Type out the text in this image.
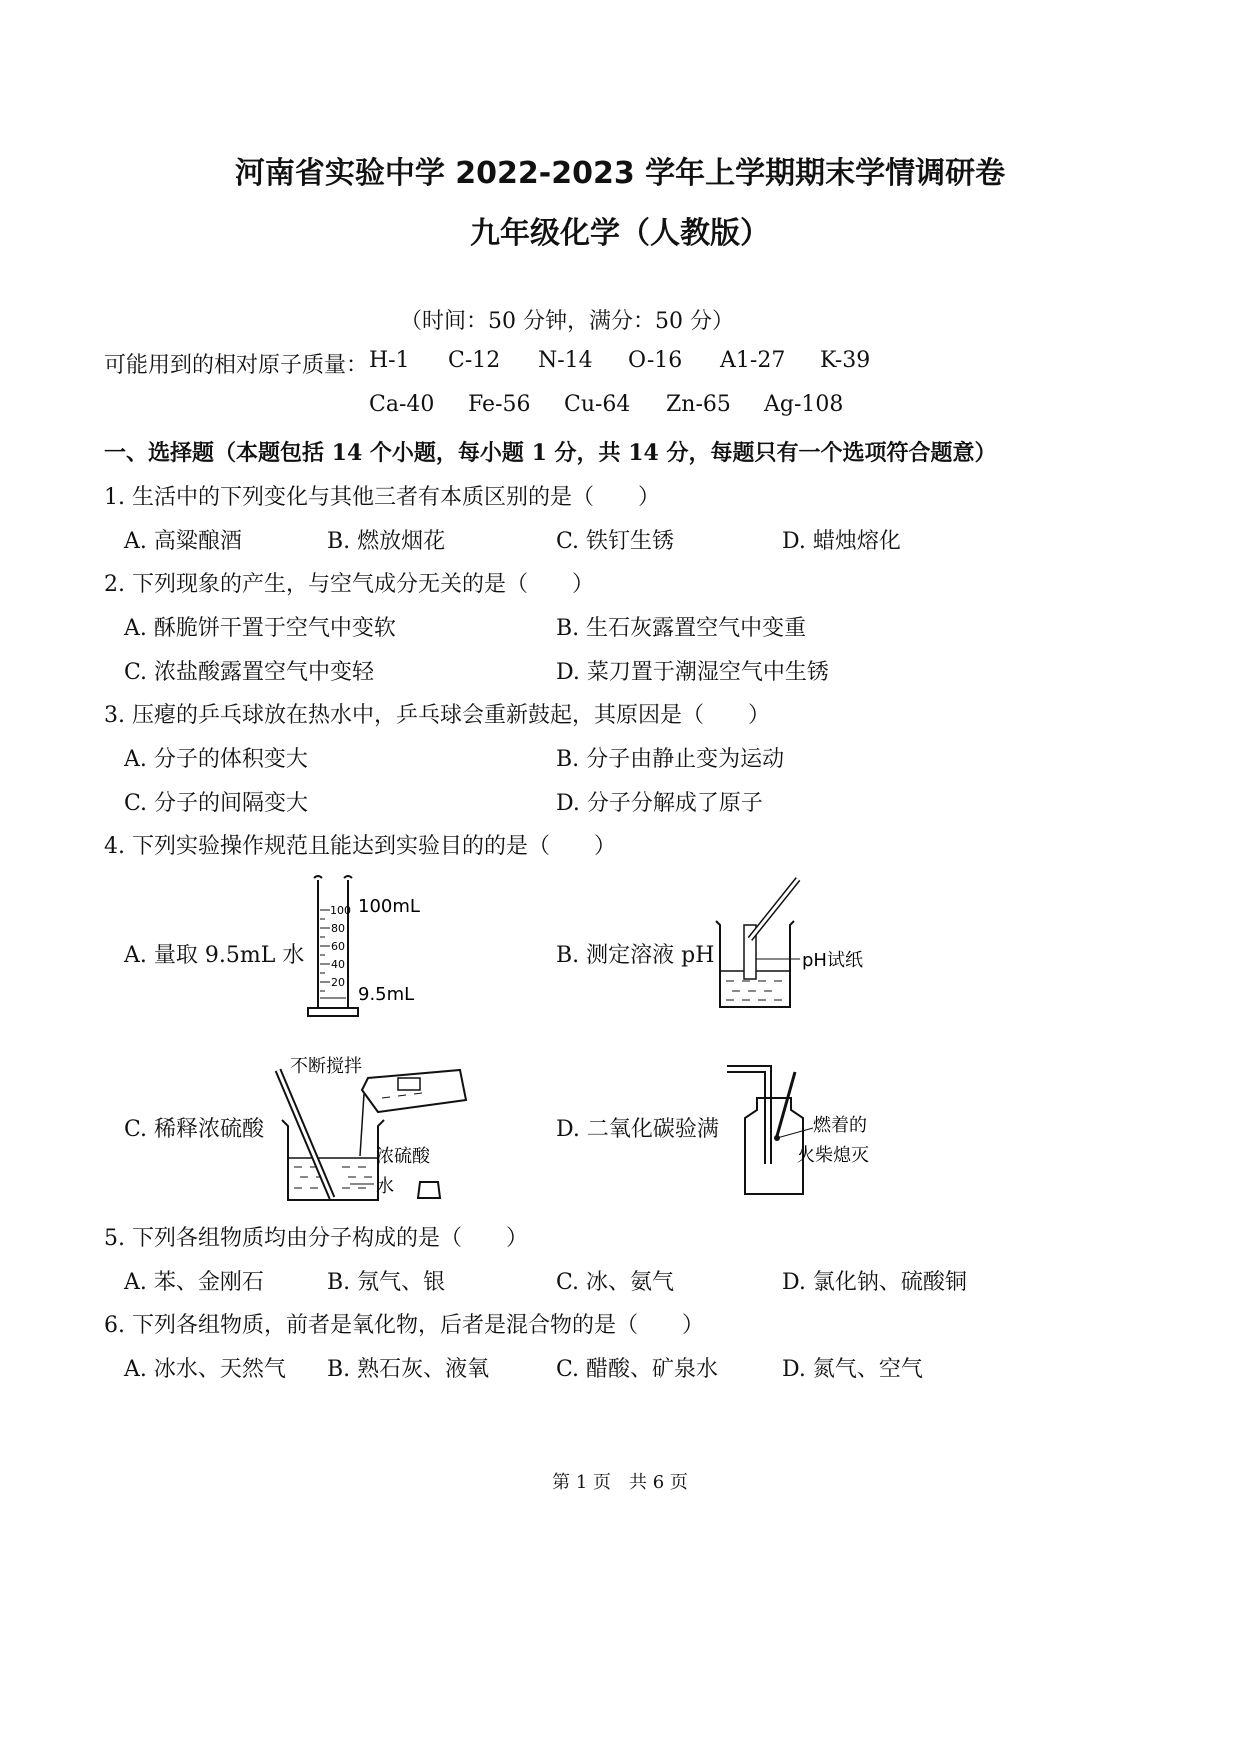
河南省实验中学 2022-2023 学年上学期期末学情调研卷
九年级化学（人教版）
（时间：50 分钟，满分：50 分）
可能用到的相对原子质量： H-1 C-12 N-14 O-16 A1-27 K-39
Ca-40 Fe-56 Cu-64 Zn-65 Ag-108
一、选择题（本题包括 14 个小题，每小题 1 分，共 14 分，每题只有一个选项符合题意）
1. 生活中的下列变化与其他三者有本质区别的是（　　）
A. 高粱酿酒	B. 燃放烟花	C. 铁钉生锈	D. 蜡烛熔化
2. 下列现象的产生，与空气成分无关的是（　　）
A. 酥脆饼干置于空气中变软	B. 生石灰露置空气中变重
C. 浓盐酸露置空气中变轻	D. 菜刀置于潮湿空气中生锈
3. 压瘪的乒乓球放在热水中，乒乓球会重新鼓起，其原因是（　　）
A. 分子的体积变大	B. 分子由静止变为运动
C. 分子的间隔变大	D. 分子分解成了原子
4. 下列实验操作规范且能达到实验目的的是（　　）
A. 量取 9.5mL 水	B. 测定溶液 pH
C. 稀释浓硫酸	D. 二氧化碳验满
100
80
60
40
20
100mL
9.5mL
pH试纸
不断搅拌
浓硫酸
水
燃着的
火柴熄灭
5. 下列各组物质均由分子构成的是（　　）
A. 苯、金刚石	B. 氖气、银	C. 冰、氨气	D. 氯化钠、硫酸铜
6. 下列各组物质，前者是氧化物，后者是混合物的是（　　）
A. 冰水、天然气 B. 熟石灰、液氧	C. 醋酸、矿泉水	D. 氮气、空气
第 1 页　共 6 页
